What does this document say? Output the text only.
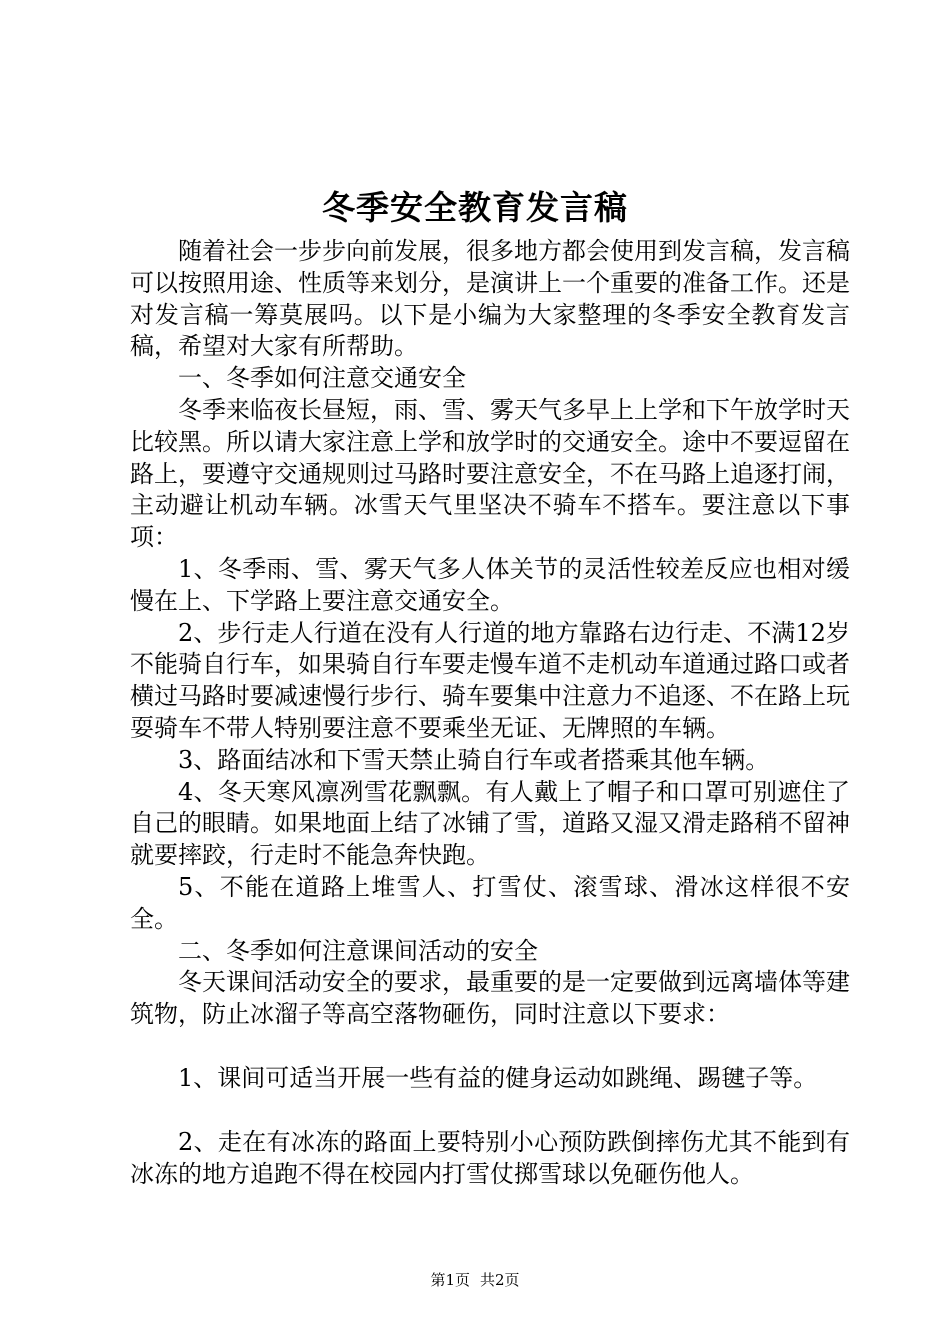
冬季安全教育发言稿

随着社会一步步向前发展，很多地方都会使用到发言稿，发言稿可以按照用途、性质等来划分，是演讲上一个重要的准备工作。还是对发言稿一筹莫展吗。以下是小编为大家整理的冬季安全教育发言稿，希望对大家有所帮助。

一、冬季如何注意交通安全

冬季来临夜长昼短，雨、雪、雾天气多早上上学和下午放学时天比较黑。所以请大家注意上学和放学时的交通安全。途中不要逗留在路上，要遵守交通规则过马路时要注意安全，不在马路上追逐打闹，主动避让机动车辆。冰雪天气里坚决不骑车不搭车。要注意以下事项：

1、冬季雨、雪、雾天气多人体关节的灵活性较差反应也相对缓慢在上、下学路上要注意交通安全。

2、步行走人行道在没有人行道的地方靠路右边行走、不满12岁不能骑自行车，如果骑自行车要走慢车道不走机动车道通过路口或者横过马路时要减速慢行步行、骑车要集中注意力不追逐、不在路上玩耍骑车不带人特别要注意不要乘坐无证、无牌照的车辆。

3、路面结冰和下雪天禁止骑自行车或者搭乘其他车辆。

4、冬天寒风凛冽雪花飘飘。有人戴上了帽子和口罩可别遮住了自己的眼睛。如果地面上结了冰铺了雪，道路又湿又滑走路稍不留神就要摔跤，行走时不能急奔快跑。

5、不能在道路上堆雪人、打雪仗、滚雪球、滑冰这样很不安全。

二、冬季如何注意课间活动的安全

冬天课间活动安全的要求，最重要的是一定要做到远离墙体等建筑物，防止冰溜子等高空落物砸伤，同时注意以下要求：

1、课间可适当开展一些有益的健身运动如跳绳、踢毽子等。

2、走在有冰冻的路面上要特别小心预防跌倒摔伤尤其不能到有冰冻的地方追跑不得在校园内打雪仗掷雪球以免砸伤他人。

第1页 共2页
